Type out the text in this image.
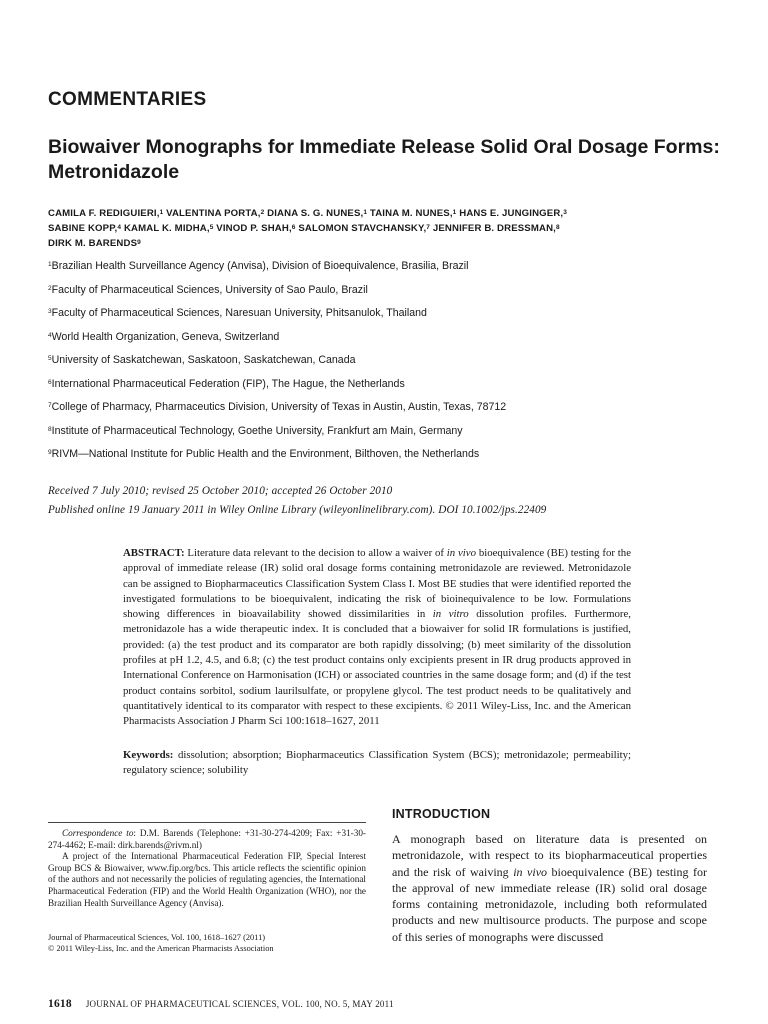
COMMENTARIES
Biowaiver Monographs for Immediate Release Solid Oral Dosage Forms: Metronidazole
CAMILA F. REDIGUIERI,$^1$ VALENTINA PORTA,$^2$ DIANA S. G. NUNES,$^1$ TAINA M. NUNES,$^1$ HANS E. JUNGINGER,$^3$
SABINE KOPP,$^4$ KAMAL K. MIDHA,$^5$ VINOD P. SHAH,$^6$ SALOMON STAVCHANSKY,$^7$ JENNIFER B. DRESSMAN,$^8$
DIRK M. BARENDS$^9$
$^1$Brazilian Health Surveillance Agency (Anvisa), Division of Bioequivalence, Brasilia, Brazil
$^2$Faculty of Pharmaceutical Sciences, University of Sao Paulo, Brazil
$^3$Faculty of Pharmaceutical Sciences, Naresuan University, Phitsanulok, Thailand
$^4$World Health Organization, Geneva, Switzerland
$^5$University of Saskatchewan, Saskatoon, Saskatchewan, Canada
$^6$International Pharmaceutical Federation (FIP), The Hague, the Netherlands
$^7$College of Pharmacy, Pharmaceutics Division, University of Texas in Austin, Austin, Texas, 78712
$^8$Institute of Pharmaceutical Technology, Goethe University, Frankfurt am Main, Germany
$^9$RIVM—National Institute for Public Health and the Environment, Bilthoven, the Netherlands
Received 7 July 2010; revised 25 October 2010; accepted 26 October 2010
Published online 19 January 2011 in Wiley Online Library (wileyonlinelibrary.com). DOI 10.1002/jps.22409
ABSTRACT: Literature data relevant to the decision to allow a waiver of in vivo bioequivalence (BE) testing for the approval of immediate release (IR) solid oral dosage forms containing metronidazole are reviewed. Metronidazole can be assigned to Biopharmaceutics Classification System Class I. Most BE studies that were identified reported the investigated formulations to be bioequivalent, indicating the risk of bioinequivalence to be low. Formulations showing differences in bioavailability showed dissimilarities in in vitro dissolution profiles. Furthermore, metronidazole has a wide therapeutic index. It is concluded that a biowaiver for solid IR formulations is justified, provided: (a) the test product and its comparator are both rapidly dissolving; (b) meet similarity of the dissolution profiles at pH 1.2, 4.5, and 6.8; (c) the test product contains only excipients present in IR drug products approved in International Conference on Harmonisation (ICH) or associated countries in the same dosage form; and (d) if the test product contains sorbitol, sodium laurilsulfate, or propylene glycol. The test product needs to be qualitatively and quantitatively identical to its comparator with respect to these excipients. © 2011 Wiley-Liss, Inc. and the American Pharmacists Association J Pharm Sci 100:1618–1627, 2011
Keywords: dissolution; absorption; Biopharmaceutics Classification System (BCS); metronidazole; permeability; regulatory science; solubility

Correspondence to: D.M. Barends (Telephone: +31-30-274-4209; Fax: +31-30-274-4462; E-mail: dirk.barends@rivm.nl)

A project of the International Pharmaceutical Federation FIP, Special Interest Group BCS & Biowaiver, www.fip.org/bcs. This article reflects the scientific opinion of the authors and not necessarily the policies of regulating agencies, the International Pharmaceutical Federation (FIP) and the World Health Organization (WHO), nor the Brazilian Health Surveillance Agency (Anvisa).

Journal of Pharmaceutical Sciences, Vol. 100, 1618–1627 (2011)
© 2011 Wiley-Liss, Inc. and the American Pharmacists Association
INTRODUCTION
A monograph based on literature data is presented on metronidazole, with respect to its biopharmaceutical properties and the risk of waiving in vivo bioequivalence (BE) testing for the approval of new immediate release (IR) solid oral dosage forms containing metronidazole, including both reformulated products and new multisource products. The purpose and scope of this series of monographs were discussed
1618 JOURNAL OF PHARMACEUTICAL SCIENCES, VOL. 100, NO. 5, MAY 2011
